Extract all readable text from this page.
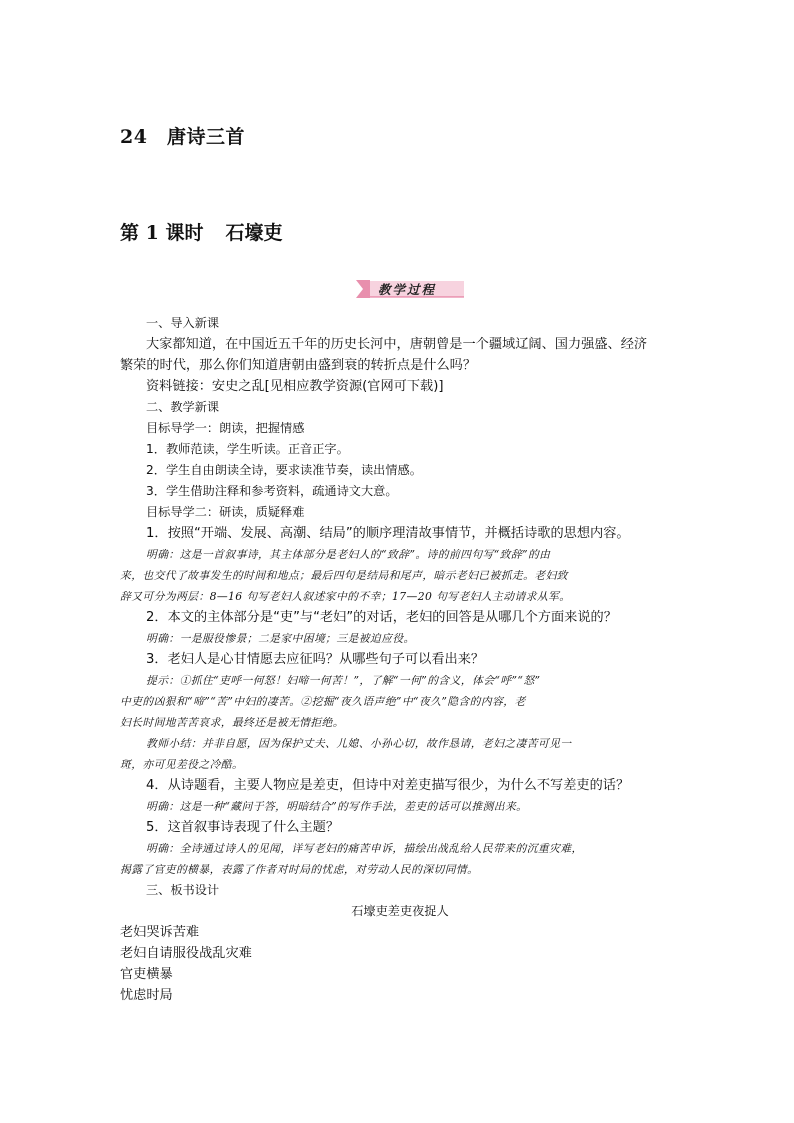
24　唐诗三首
第 1 课时 石壕吏
教学过程
一、导入新课
大家都知道，在中国近五千年的历史长河中，唐朝曾是一个疆域辽阔、国力强盛、经济
繁荣的时代，那么你们知道唐朝由盛到衰的转折点是什么吗？
资料链接：安史之乱[见相应教学资源(官网可下载)]
二、教学新课
目标导学一：朗读，把握情感
1．教师范读，学生听读。正音正字。
2．学生自由朗读全诗，要求读准节奏，读出情感。
3．学生借助注释和参考资料，疏通诗文大意。
目标导学二：研读，质疑释难
1．按照“开端、发展、高潮、结局”的顺序理清故事情节，并概括诗歌的思想内容。
明确：这是一首叙事诗，其主体部分是老妇人的“致辞”。诗的前四句写“致辞”的由
来，也交代了故事发生的时间和地点；最后四句是结局和尾声，暗示老妇已被抓走。老妇致
辞又可分为两层：8—16 句写老妇人叙述家中的不幸；17—20 句写老妇人主动请求从军。
2．本文的主体部分是“吏”与“老妇”的对话，老妇的回答是从哪几个方面来说的？
明确：一是服役惨景；二是家中困境；三是被迫应役。
3．老妇人是心甘情愿去应征吗？从哪些句子可以看出来？
提示：①抓住“吏呼一何怒！妇啼一何苦！”，了解“一何”的含义，体会“呼”“怒”
中吏的凶狠和“啼”“苦”中妇的凄苦。②挖掘“夜久语声绝”中“夜久”隐含的内容，老
妇长时间地苦苦哀求，最终还是被无情拒绝。
教师小结：并非自愿，因为保护丈夫、儿媳、小孙心切，故作恳请，老妇之凄苦可见一
斑，亦可见差役之冷酷。
4．从诗题看，主要人物应是差吏，但诗中对差吏描写很少，为什么不写差吏的话？
明确：这是一种“藏问于答，明暗结合”的写作手法，差吏的话可以推测出来。
5．这首叙事诗表现了什么主题？
明确：全诗通过诗人的见闻，详写老妇的痛苦申诉，描绘出战乱给人民带来的沉重灾难，
揭露了官吏的横暴，表露了作者对时局的忧虑，对劳动人民的深切同情。
三、板书设计
石壕吏差吏夜捉人
老妇哭诉苦难
老妇自请服役战乱灾难
官吏横暴
忧虑时局
